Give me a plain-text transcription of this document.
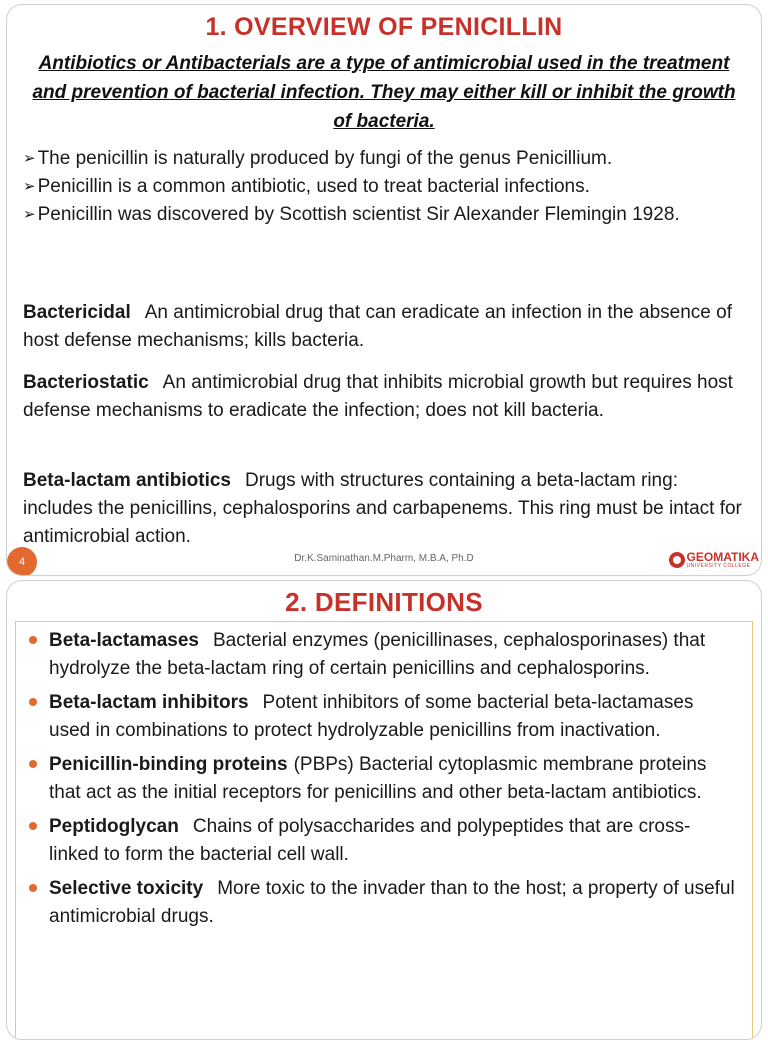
1. OVERVIEW OF PENICILLIN
Antibiotics or Antibacterials are a type of antimicrobial used in the treatment and prevention of bacterial infection. They may either kill or inhibit the growth of bacteria.
➢ The penicillin is naturally produced by fungi of the genus Penicillium.
➢ Penicillin is a common antibiotic, used to treat bacterial infections.
➢ Penicillin was discovered by Scottish scientist Sir Alexander Flemingin 1928.
Bactericidal An antimicrobial drug that can eradicate an infection in the absence of host defense mechanisms; kills bacteria.
Bacteriostatic An antimicrobial drug that inhibits microbial growth but requires host defense mechanisms to eradicate the infection; does not kill bacteria.
Beta-lactam antibiotics Drugs with structures containing a beta-lactam ring: includes the penicillins, cephalosporins and carbapenems. This ring must be intact for antimicrobial action.
4	Dr.K.Saminathan.M.Pharm, M.B.A, Ph.D	GEOMATIKA
UNIVERSITY COLLEGE
2. DEFINITIONS
Beta-lactamases Bacterial enzymes (penicillinases, cephalosporinases) that hydrolyze the beta-lactam ring of certain penicillins and cephalosporins.
Beta-lactam inhibitors Potent inhibitors of some bacterial beta-lactamases used in combinations to protect hydrolyzable penicillins from inactivation.
Penicillin-binding proteins (PBPs) Bacterial cytoplasmic membrane proteins that act as the initial receptors for penicillins and other beta-lactam antibiotics.
Peptidoglycan Chains of polysaccharides and polypeptides that are cross-linked to form the bacterial cell wall.
Selective toxicity More toxic to the invader than to the host; a property of useful antimicrobial drugs.
